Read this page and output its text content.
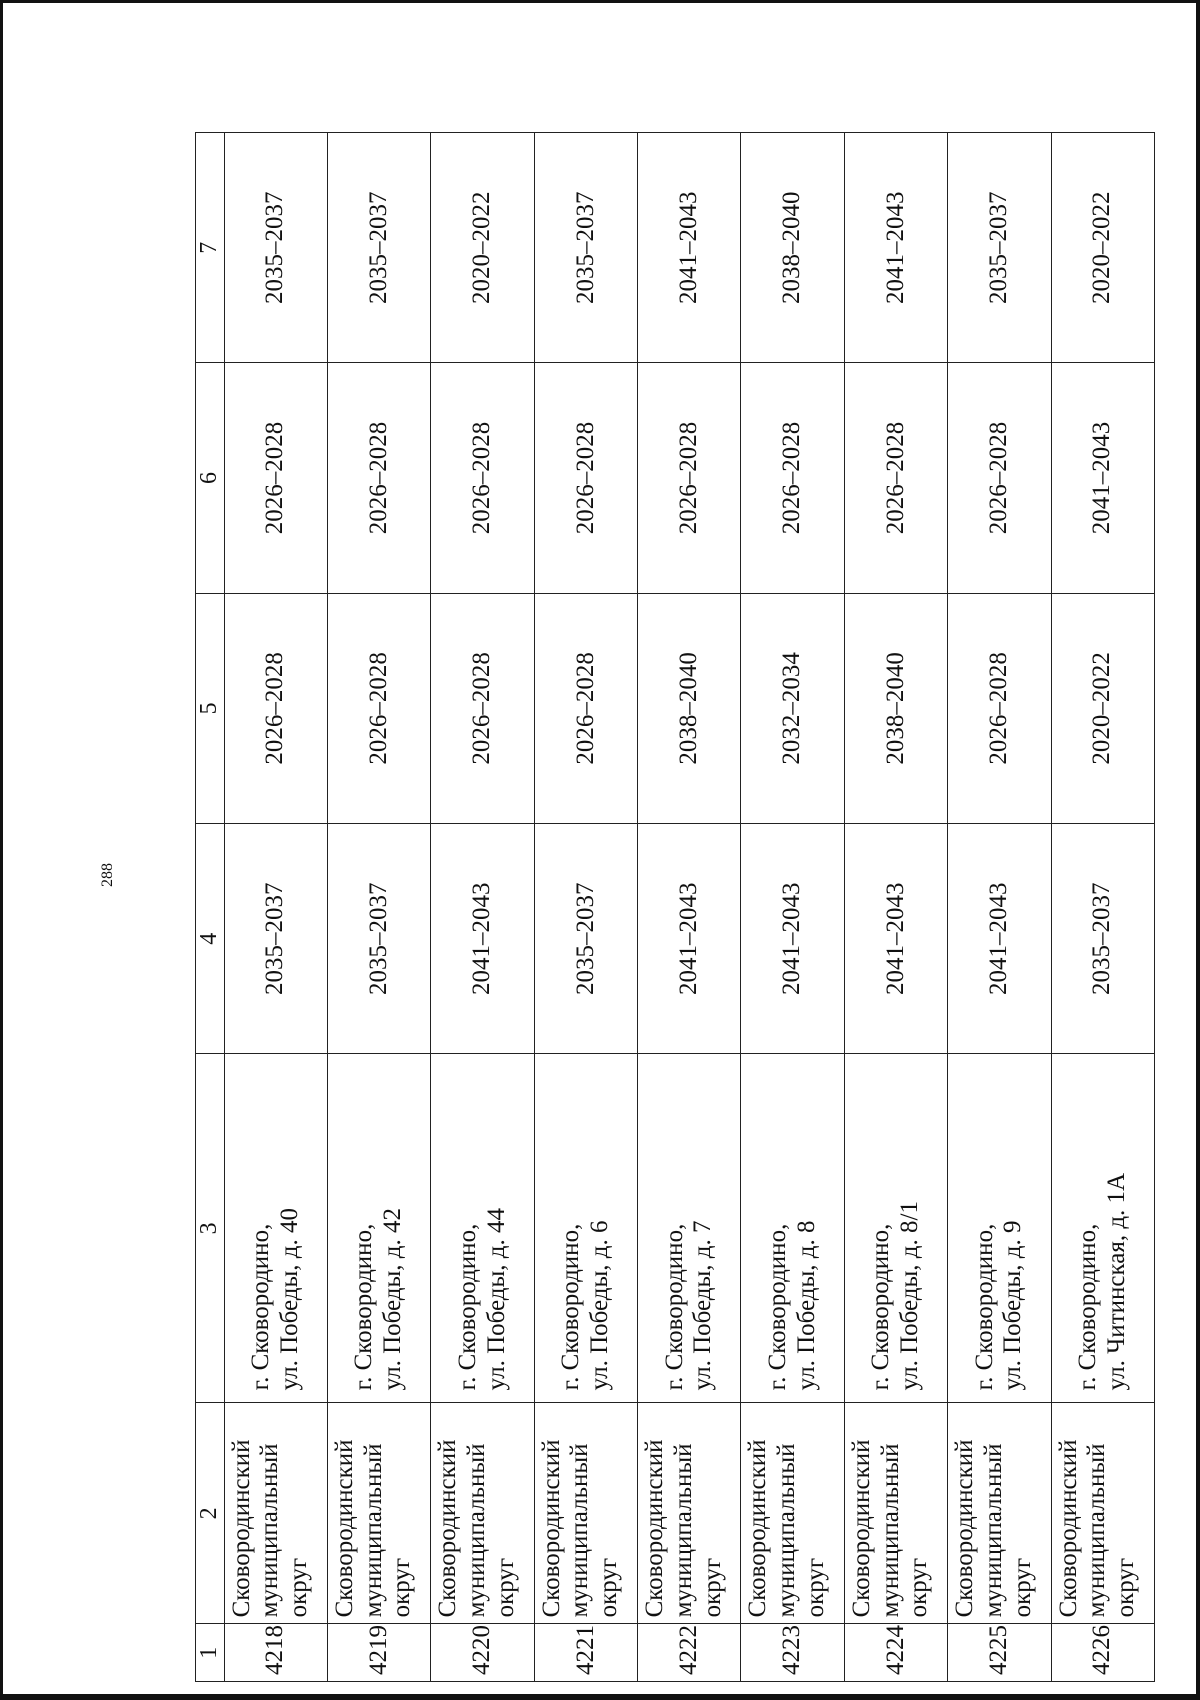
288
1	2	3	4	5	6	7
4218	Сковородинский муниципальный округ	г. Сковородино, ул. Победы, д. 40	2035–2037	2026–2028	2026–2028	2035–2037
4219	Сковородинский муниципальный округ	г. Сковородино, ул. Победы, д. 42	2035–2037	2026–2028	2026–2028	2035–2037
4220	Сковородинский муниципальный округ	г. Сковородино, ул. Победы, д. 44	2041–2043	2026–2028	2026–2028	2020–2022
4221	Сковородинский муниципальный округ	г. Сковородино, ул. Победы, д. 6	2035–2037	2026–2028	2026–2028	2035–2037
4222	Сковородинский муниципальный округ	г. Сковородино, ул. Победы, д. 7	2041–2043	2038–2040	2026–2028	2041–2043
4223	Сковородинский муниципальный округ	г. Сковородино, ул. Победы, д. 8	2041–2043	2032–2034	2026–2028	2038–2040
4224	Сковородинский муниципальный округ	г. Сковородино, ул. Победы, д. 8/1	2041–2043	2038–2040	2026–2028	2041–2043
4225	Сковородинский муниципальный округ	г. Сковородино, ул. Победы, д. 9	2041–2043	2026–2028	2026–2028	2035–2037
4226	Сковородинский муниципальный округ	г. Сковородино, ул. Читинская, д. 1А	2035–2037	2020–2022	2041–2043	2020–2022
